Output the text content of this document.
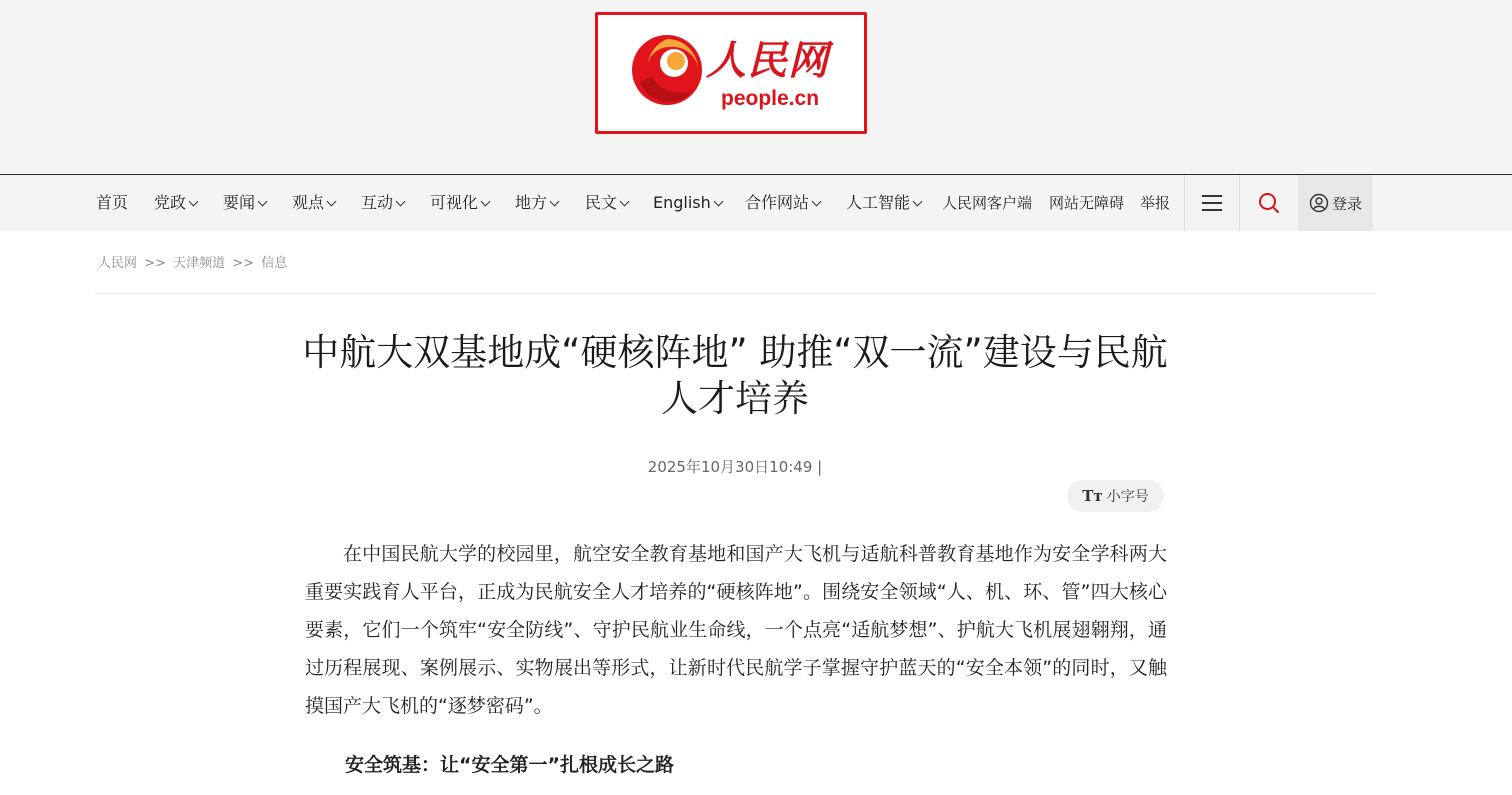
人民网
people.cn
首页 党政	要闻	观点	互动	可视化	地方	民文	English	合作网站	人工智能	人民网客户端 网站无障碍 举报	登录
人民网 >> 天津频道 >> 信息
中航大双基地成“硬核阵地” 助推“双一流”建设与民航人才培养
2025年10月30日10:49 |
Tт 小字号

在中国民航大学的校园里，航空安全教育基地和国产大飞机与适航科普教育基地作为安全学科两大重要实践育人平台，正成为民航安全人才培养的“硬核阵地”。围绕安全领域“人、机、环、管”四大核心要素，它们一个筑牢“安全防线”、守护民航业生命线，一个点亮“适航梦想”、护航大飞机展翅翱翔，通过历程展现、案例展示、实物展出等形式，让新时代民航学子掌握守护蓝天的“安全本领”的同时，又触摸国产大飞机的“逐梦密码”。

安全筑基：让“安全第一”扎根成长之路
